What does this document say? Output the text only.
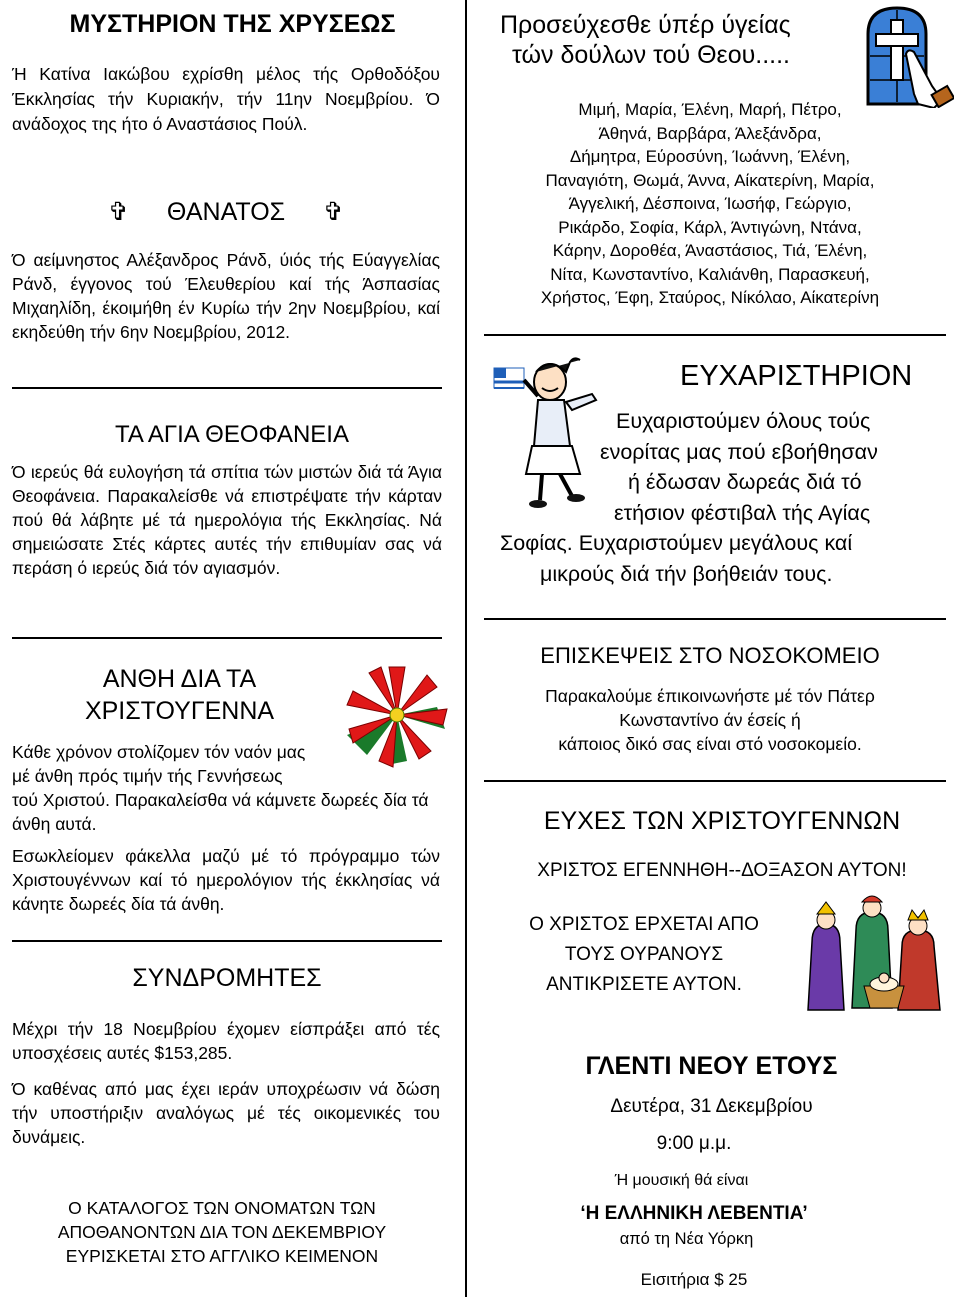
ΜΥΣΤΗΡΙΟΝ ΤΗΣ ΧΡΥΣΕΩΣ

Ή Κατίνα Ιακώβου εχρίσθη μέλος τής Ορθοδόξου Έκκλησίας τήν Κυριακήν, τήν 11ην Νοεμβρίου. Ό ανάδοχος της ήτο ό Αναστάσιος Πούλ.

✞ ΘΑΝΑΤΟΣ ✞

Ό αείμνηστος Αλέξανδρος Ράνδ, ύιός τής Εύαγγελίας Ράνδ, έγγονος τού Έλευθερίου καί τής Άσπασίας Μιχαηλίδη, έκοιμήθη έν Κυρίω τήν 2ην Νοεμβρίου, καί εκηδεύθη τήν 6ην Νοεμβρίου, 2012.

ΤΑ ΑΓΙΑ ΘΕΟΦΑΝΕΙΑ

Ό ιερεύς θά ευλογήση τά σπίτια τών μιστών διά τά Άγια Θεοφάνεια. Παρακαλείσθε νά επιστρέψατε τήν κάρταν πού θά λάβητε μέ τά ημερολόγια τής Εκκλησίας. Νά σημειώσατε Στές κάρτες αυτές τήν επιθυμίαν σας νά περάση ό ιερεύς διά τόν αγιασμόν.

ΑΝΘΗ ΔΙΑ ΤΑ
ΧΡΙΣΤΟΥΓΕΝΝΑ

Κάθε χρόνον στολίζομεν τόν ναόν μας

μέ άνθη πρός τιμήν τής Γεννήσεως

τού Χριστού. Παρακαλείσθα νά κάμνετε δωρεές δία τά άνθη αυτά.

Εσωκλείομεν φάκελλα μαζύ μέ τό πρόγραμμο τών Χριστουγέννων καί τό ημερολόγιον τής έκκλησίας νά κάνητε δωρεές δία τά άνθη.

ΣΥΝΔΡΟΜΗΤΕΣ

Μέχρι τήν 18 Νοεμβρίου έχομεν είσπράξει από τές υποσχέσεις αυτές $153,285.

Ό καθένας από μας έχει ιεράν υποχρέωσιν νά δώση τήν υποστήριξιν αναλόγως μέ τές οικομενικές του δυνάμεις.

Ο ΚΑΤΑΛΟΓΟΣ ΤΩΝ ΟΝΟΜΑΤΩΝ ΤΩΝ
ΑΠΟΘΑΝΟΝΤΩΝ ΔΙΑ ΤΟΝ ΔΕΚΕΜΒΡΙΟΥ
ΕΥΡΙΣΚΕΤΑΙ ΣΤΟ ΑΓΓΛΙΚΟ ΚΕΙΜΕΝΟΝ
Προσεύχεσθε ύπέρ ύγείας
τών δούλων τού Θεου.....
Μιμή, Μαρία, Έλένη, Μαρή, Πέτρο,
Άθηνά, Βαρβάρα, Άλεξάνδρα,
Δήμητρα, Εύροσύνη, Ίωάννη, Έλένη,
Παναγιότη, Θωμά, Άννα, Αίκατερίνη, Μαρία,
Άγγελική, Δέσποινα, Ίωσήφ, Γεώργιο,
Ρικάρδο, Σοφία, Κάρλ, Άντιγώνη, Ντάνα,
Κάρην, Δοροθέα, Άναστάσιος, Τιά, Έλένη,
Νίτα, Κωνσταντίνο, Καλιάνθη, Παρασκευή,
Χρήστος, Έφη, Σταύρος, Νίκόλαο, Αίκατερίνη
ΕΥΧΑΡΙΣΤΗΡΙΟΝ
Ευχαριστούμεν όλους τούς
ενορίτας μας πού εβοήθησαν
ή έδωσαν δωρεάς διά τό
ετήσιον φέστιβαλ τής Αγίας
Σοφίας. Ευχαριστούμεν μεγάλους καί
μικρούς διά τήν βοήθειάν τους.
ΕΠΙΣΚΕΨΕΙΣ ΣΤΟ ΝΟΣΟΚΟΜΕΙΟ
Παρακαλούμε έπικοινωνήστε μέ τόν Πάτερ
Κωνσταντίνο άν έσείς ή
κάποιος δικό σας είναι στό νοσοκομείο.
ΕΥΧΕΣ ΤΩΝ ΧΡΙΣΤΟΥΓΕΝΝΩΝ
ΧΡΙΣΤΌΣ ΕΓΕΝΝΗΘΗ--ΔΟΞΑΣΟΝ ΑΥΤΟΝ!
Ο ΧΡΙΣΤΟΣ ΕΡΧΕΤΑΙ ΑΠΟ
ΤΟΥΣ ΟΥΡΑΝΟΥΣ
ΑΝΤΙΚΡΙΣΕΤΕ ΑΥΤΟΝ.
ΓΛΕΝΤΙ ΝΕΟΥ ΕΤΟΥΣ
Δευτέρα, 31 Δεκεμβρίου
9:00 μ.μ.
Ή μουσική θά είναι
‘Η ΕΛΛΗΝΙΚΗ ΛΕΒΕΝΤΙΑ’
από τη Νέα Υόρκη
Εισιτήρια $ 25
